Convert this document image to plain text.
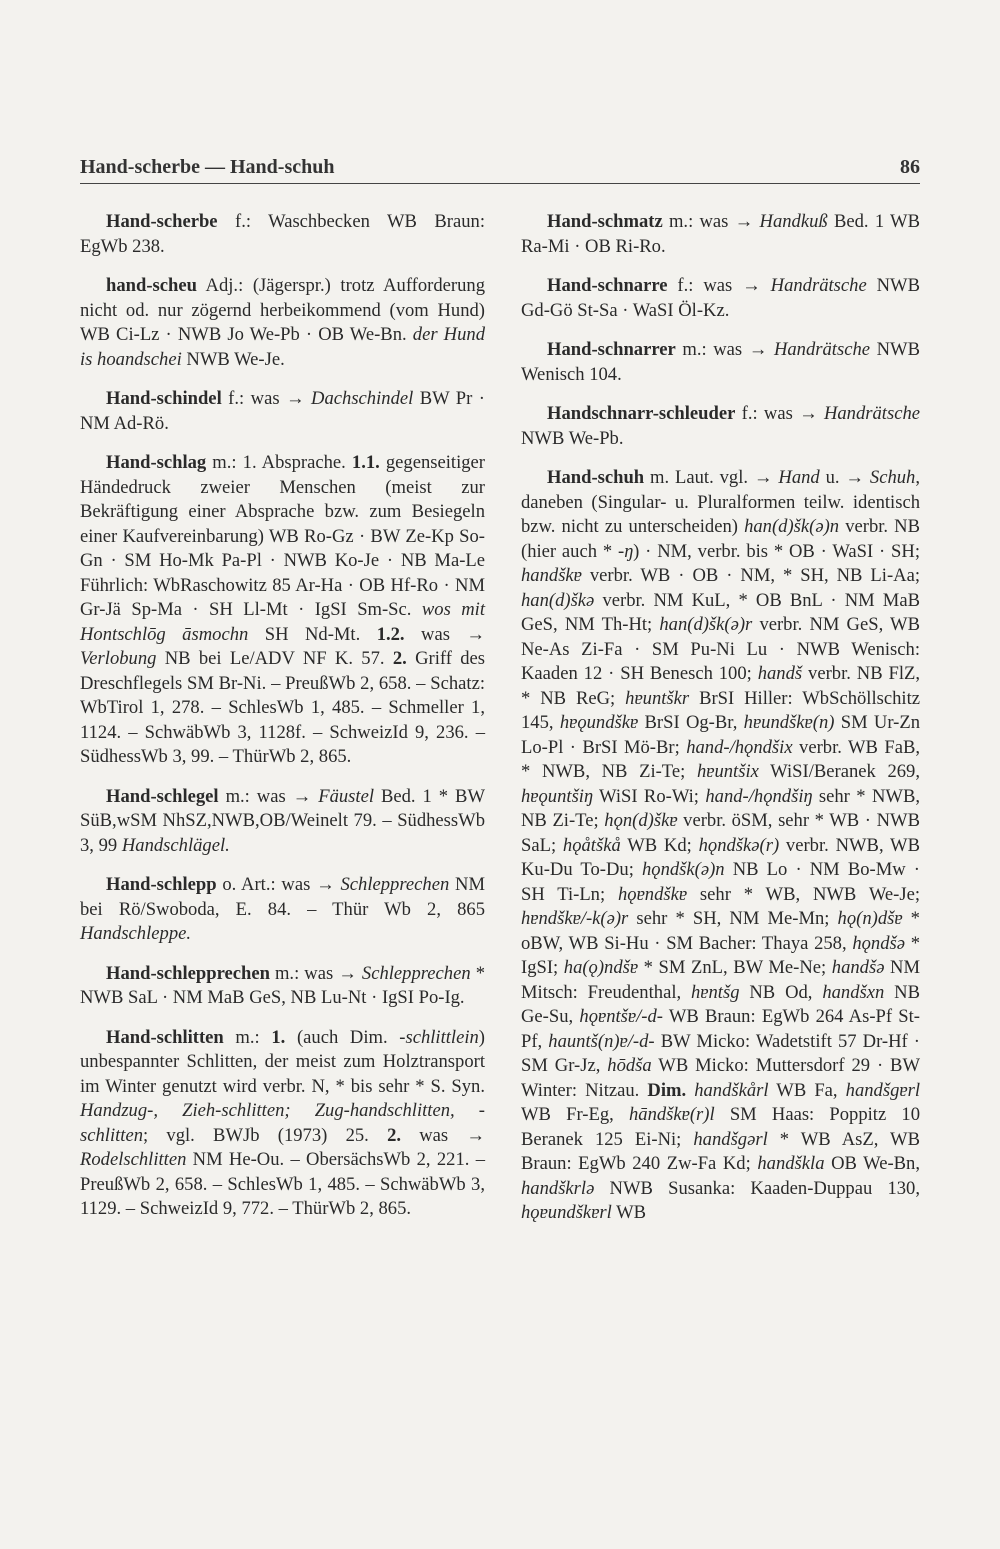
Hand-scherbe — Hand-schuh	86

Hand-scherbe f.: Waschbecken WB Braun: EgWb 238.

hand-scheu Adj.: (Jägerspr.) trotz Aufforderung nicht od. nur zögernd herbeikommend (vom Hund) WB Ci-Lz · NWB Jo We-Pb · OB We-Bn. der Hund is hoandschei NWB We-Je.

Hand-schindel f.: was → Dachschindel BW Pr · NM Ad-Rö.

Hand-schlag m.: 1. Absprache. 1.1. gegenseitiger Händedruck zweier Menschen (meist zur Bekräftigung einer Absprache bzw. zum Besiegeln einer Kaufvereinbarung) WB Ro-Gz · BW Ze-Kp So-Gn · SM Ho-Mk Pa-Pl · NWB Ko-Je · NB Ma-Le Führlich: WbRaschowitz 85 Ar-Ha · OB Hf-Ro · NM Gr-Jä Sp-Ma · SH Ll-Mt · IgSI Sm-Sc. wos mit Hontschlōg āsmochn SH Nd-Mt. 1.2. was → Verlobung NB bei Le/ADV NF K. 57. 2. Griff des Dreschflegels SM Br-Ni. – PreußWb 2, 658. – Schatz: WbTirol 1, 278. – SchlesWb 1, 485. – Schmeller 1, 1124. – SchwäbWb 3, 1128f. – SchweizId 9, 236. – SüdhessWb 3, 99. – ThürWb 2, 865.

Hand-schlegel m.: was → Fäustel Bed. 1 * BW SüB,wSM NhSZ,NWB,OB/Weinelt 79. – SüdhessWb 3, 99 Handschlägel.

Hand-schlepp o. Art.: was → Schlepprechen NM bei Rö/Swoboda, E. 84. – Thür Wb 2, 865 Handschleppe.

Hand-schlepprechen m.: was → Schlepprechen * NWB SaL · NM MaB GeS, NB Lu-Nt · IgSI Po-Ig.

Hand-schlitten m.: 1. (auch Dim. -schlittlein) unbespannter Schlitten, der meist zum Holztransport im Winter genutzt wird verbr. N, * bis sehr * S. Syn. Handzug-, Zieh-schlitten; Zug-handschlitten, -schlitten; vgl. BWJb (1973) 25. 2. was → Rodelschlitten NM He-Ou. – ObersächsWb 2, 221. – PreußWb 2, 658. – SchlesWb 1, 485. – SchwäbWb 3, 1129. – SchweizId 9, 772. – ThürWb 2, 865.

Hand-schmatz m.: was → Handkuß Bed. 1 WB Ra-Mi · OB Ri-Ro.

Hand-schnarre f.: was → Handrätsche NWB Gd-Gö St-Sa · WaSI Öl-Kz.

Hand-schnarrer m.: was → Handrätsche NWB Wenisch 104.

Handschnarr-schleuder f.: was → Handrätsche NWB We-Pb.

Hand-schuh m. Laut. vgl. → Hand u. → Schuh, daneben (Singular- u. Pluralformen teilw. identisch bzw. nicht zu unterscheiden) han(d)šk(ə)n verbr. NB (hier auch * -ŋ) · NM, verbr. bis * OB · WaSI · SH; handškɐ verbr. WB · OB · NM, * SH, NB Li-Aa; han(d)škə verbr. NM KuL, * OB BnL · NM MaB GeS, NM Th-Ht; han(d)šk(ə)r verbr. NM GeS, WB Ne-As Zi-Fa · SM Pu-Ni Lu · NWB Wenisch: Kaaden 12 · SH Benesch 100; handš verbr. NB FlZ, * NB ReG; hɐuntškr BrSI Hiller: WbSchöllschitz 145, hɐǫundškɐ BrSI Og-Br, hɐundškɐ(n) SM Ur-Zn Lo-Pl · BrSI Mö-Br; hand-/hǫndšix verbr. WB FaB, * NWB, NB Zi-Te; hɐuntšix WiSI/Beranek 269, hɐǫuntšiŋ WiSI Ro-Wi; hand-/hǫndšiŋ sehr * NWB, NB Zi-Te; hǫn(d)škɐ verbr. öSM, sehr * WB · NWB SaL; hǫåtškå WB Kd; hǫndškə(r) verbr. NWB, WB Ku-Du To-Du; hǫndšk(ə)n NB Lo · NM Bo-Mw · SH Ti-Ln; hǫɐndškɐ sehr * WB, NWB We-Je; hɐndškɐ/-k(ə)r sehr * SH, NM Me-Mn; hǫ(n)dšɐ * oBW, WB Si-Hu · SM Bacher: Thaya 258, hǫndšə * IgSI; ha(ǫ)ndšɐ * SM ZnL, BW Me-Ne; handšə NM Mitsch: Freudenthal, hɐntšg NB Od, handšxn NB Ge-Su, hǫɐntšɐ/-d- WB Braun: EgWb 264 As-Pf St-Pf, hauntš(n)ɐ/-d- BW Micko: Wadetstift 57 Dr-Hf · SM Gr-Jz, hōdša WB Micko: Muttersdorf 29 · BW Winter: Nitzau. Dim. handškårl WB Fa, handšgɐrl WB Fr-Eg, hāndškɐ(r)l SM Haas: Poppitz 10 Beranek 125 Ei-Ni; handšgərl * WB AsZ, WB Braun: EgWb 240 Zw-Fa Kd; handškla OB We-Bn, handškrlə NWB Susanka: Kaaden-Duppau 130, hǫɐundškɐrl WB
